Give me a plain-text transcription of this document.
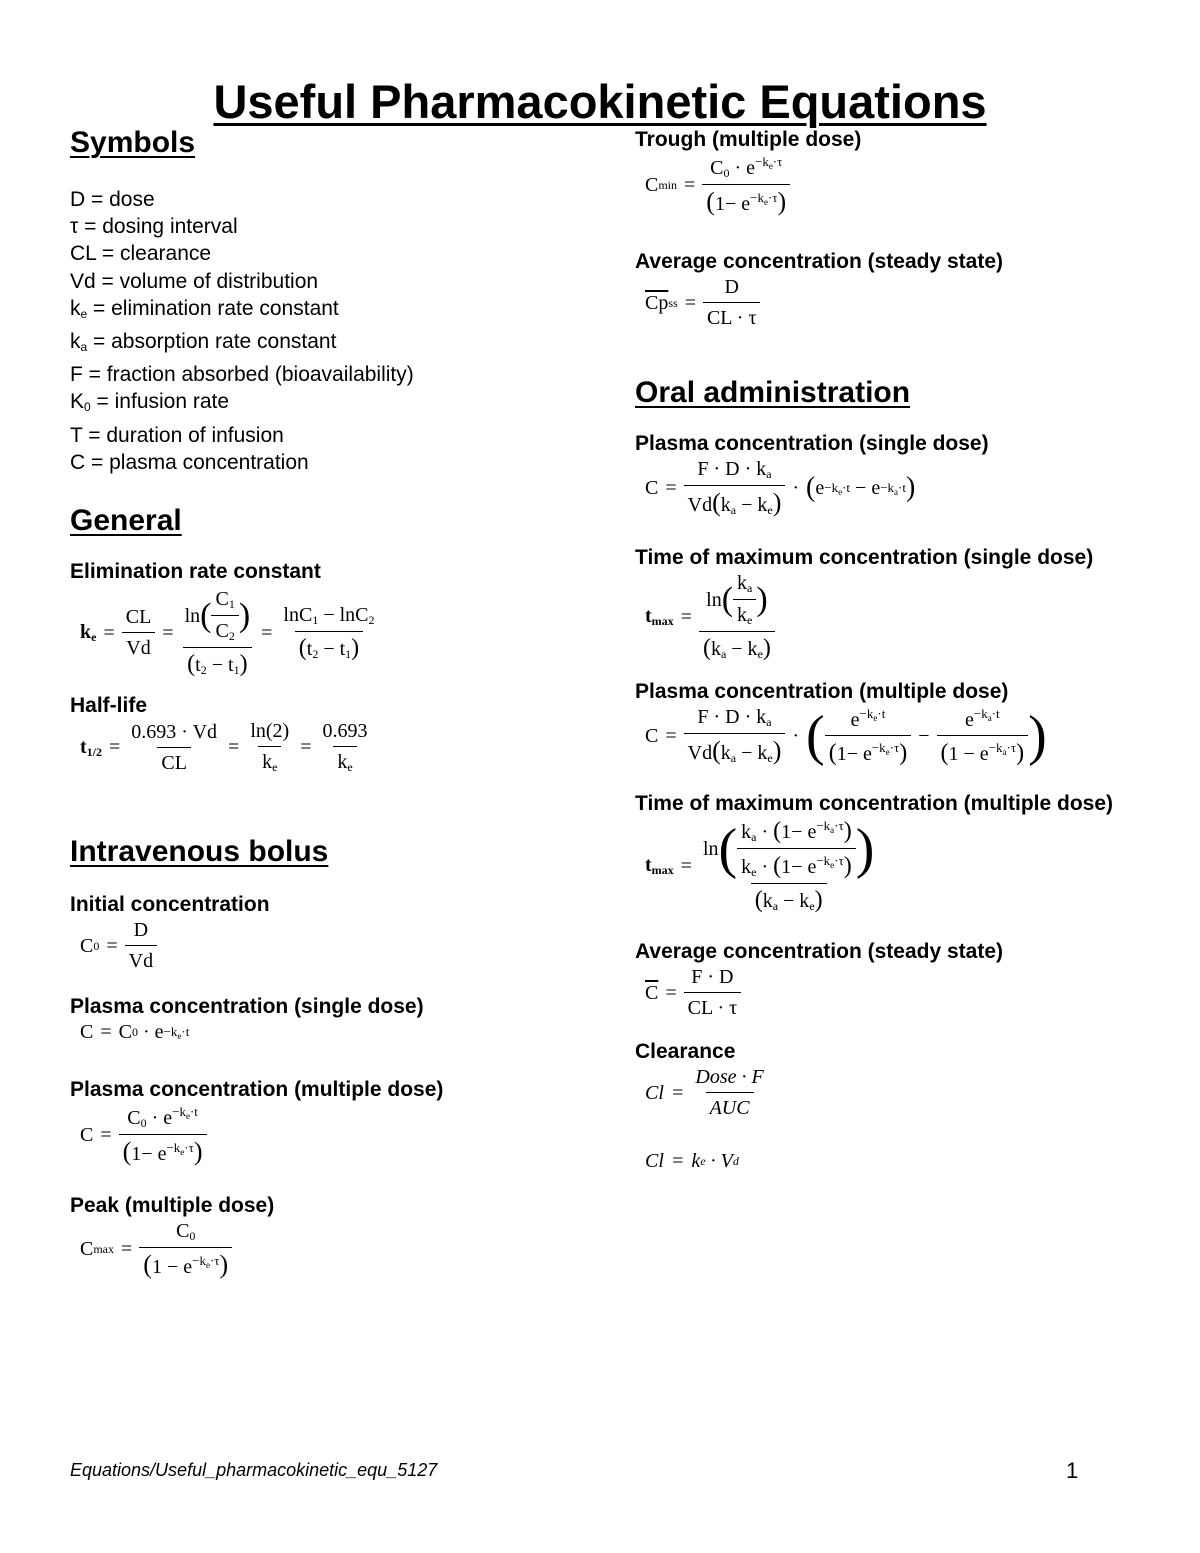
Useful Pharmacokinetic Equations
Symbols
D = dose
τ = dosing interval
CL = clearance
Vd = volume of distribution
$k_e$ = elimination rate constant
$k_a$ = absorption rate constant
F = fraction absorbed (bioavailability)
$K_0$ = infusion rate
T = duration of infusion
C = plasma concentration
General

Elimination rate constant

$k_e = \frac{CL}{Vd} = \frac{\ln ( \frac{C_1}{C_2} )}{(t_2 - t_1)} = \frac{\ln C_1 - \ln C_2}{(t_2 - t_1)}$

Half-life

$t_{1/2} = \frac{0.693 \cdot Vd}{CL} = \frac{\ln(2)}{k_e} = \frac{0.693}{k_e}$
Intravenous bolus

Initial concentration

C $0 = \frac{D}{Vd}$

Plasma concentration (single dose)

C = C $0 \cdot e -k_e\cdot t$

Plasma concentration (multiple dose)

$C = \frac{C_0 \cdot e^{-k_e\cdot t}}{(1- e^{-k_e\cdot\tau})}$

Peak (multiple dose)

C $\max = \frac{C_0}{(1 - e^{-k_e\cdot\tau})}$

Trough (multiple dose)

C $\min = \frac{C_0 \cdot e^{-k_e\cdot\tau}}{(1- e^{-k_e\cdot\tau})}$

Average concentration (steady state)

$\overline{Cp}$ ss = $\frac{D}{CL \cdot \tau}$
Oral administration

Plasma concentration (single dose)

$C = \frac{F \cdot D \cdot k_a}{Vd(k_a - k_e)}$ · ( $e -k_e\cdot t - e -k_a\cdot t$ )

Time of maximum concentration (single dose)

$t_{max} = \frac{\ln ( \frac{k_a}{k_e} )}{(k_a - k_e)}$

Plasma concentration (multiple dose)

$C = \frac{F \cdot D \cdot k_a}{Vd(k_a - k_e)}$ · ( $\frac{e^{-k_e\cdot t}}{(1- e^{-k_e\cdot\tau})} - \frac{e^{-k_a\cdot t}}{(1 - e^{-k_a\cdot\tau})}$ )

Time of maximum concentration (multiple dose)

$t_{max} = \frac{\ln ( \frac{k_a \cdot (1- e^{-k_a\cdot\tau})}{k_e \cdot (1- e^{-k_e\cdot\tau})} )}{(k_a - k_e)}$

Average concentration (steady state)

$\overline{C} = \frac{F \cdot D}{CL \cdot \tau}$

Clearance

$Cl = \frac{\text{Dose · F}}{\text{AUC}}$
Cl = k e · V d
Equations/Useful_pharmacokinetic_equ_5127	1
